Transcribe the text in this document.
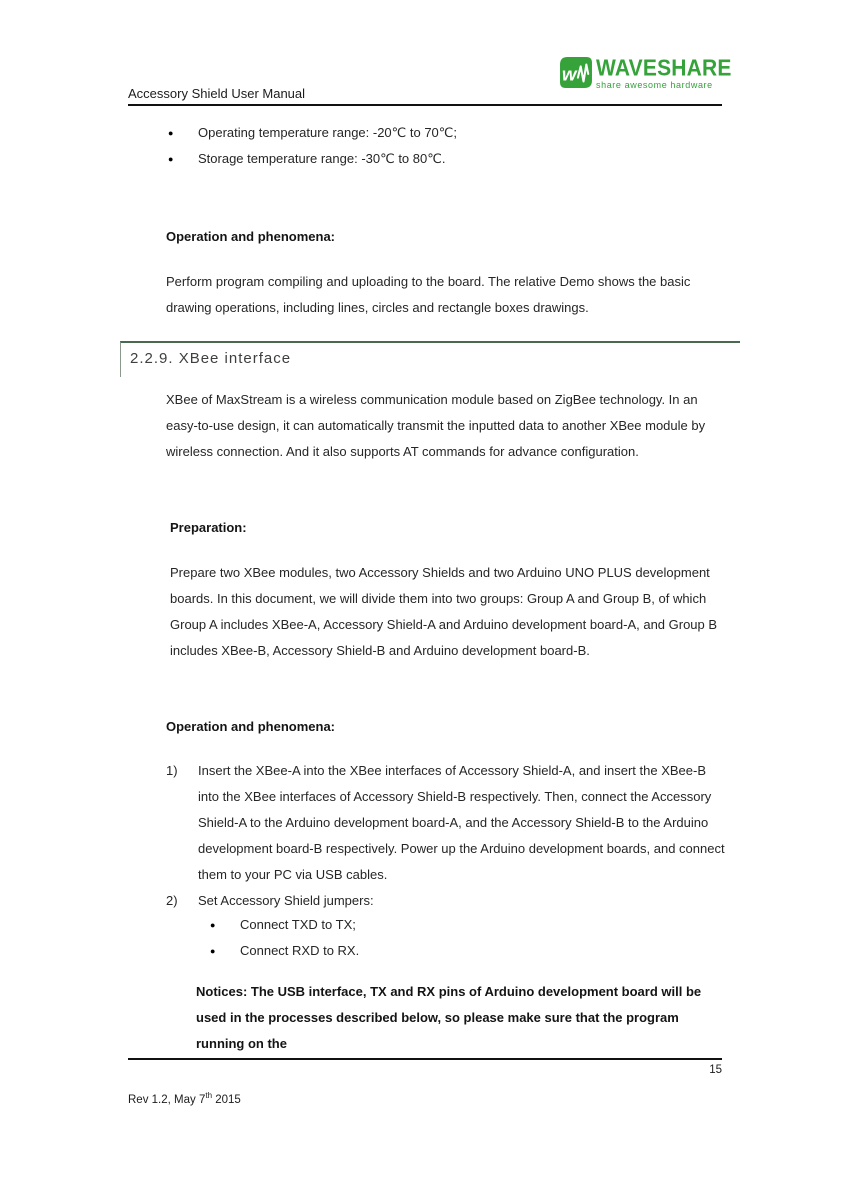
Accessory Shield User Manual
w WAVESHARE
share awesome hardware
●	Operating temperature range: -20℃ to 70℃;
●	Storage temperature range: -30℃ to 80℃.
Operation and phenomena:
Perform program compiling and uploading to the board. The relative Demo shows the basic drawing operations, including lines, circles and rectangle boxes drawings.
2.2.9. XBee interface
XBee of MaxStream is a wireless communication module based on ZigBee technology. In an easy-to-use design, it can automatically transmit the inputted data to another XBee module by wireless connection. And it also supports AT commands for advance configuration.
Preparation:
Prepare two XBee modules, two Accessory Shields and two Arduino UNO PLUS development boards. In this document, we will divide them into two groups: Group A and Group B, of which Group A includes XBee-A, Accessory Shield-A and Arduino development board-A, and Group B includes XBee-B, Accessory Shield-B and Arduino development board-B.
Operation and phenomena:
1)	Insert the XBee-A into the XBee interfaces of Accessory Shield-A, and insert the XBee-B into the XBee interfaces of Accessory Shield-B respectively. Then, connect the Accessory Shield-A to the Arduino development board-A, and the Accessory Shield-B to the Arduino development board-B respectively. Power up the Arduino development boards, and connect them to your PC via USB cables.
2)	Set Accessory Shield jumpers:
●	Connect TXD to TX;
●	Connect RXD to RX.
Notices: The USB interface, TX and RX pins of Arduino development board will be used in the processes described below, so please make sure that the program running on the
15
Rev 1.2, May 7th 2015
